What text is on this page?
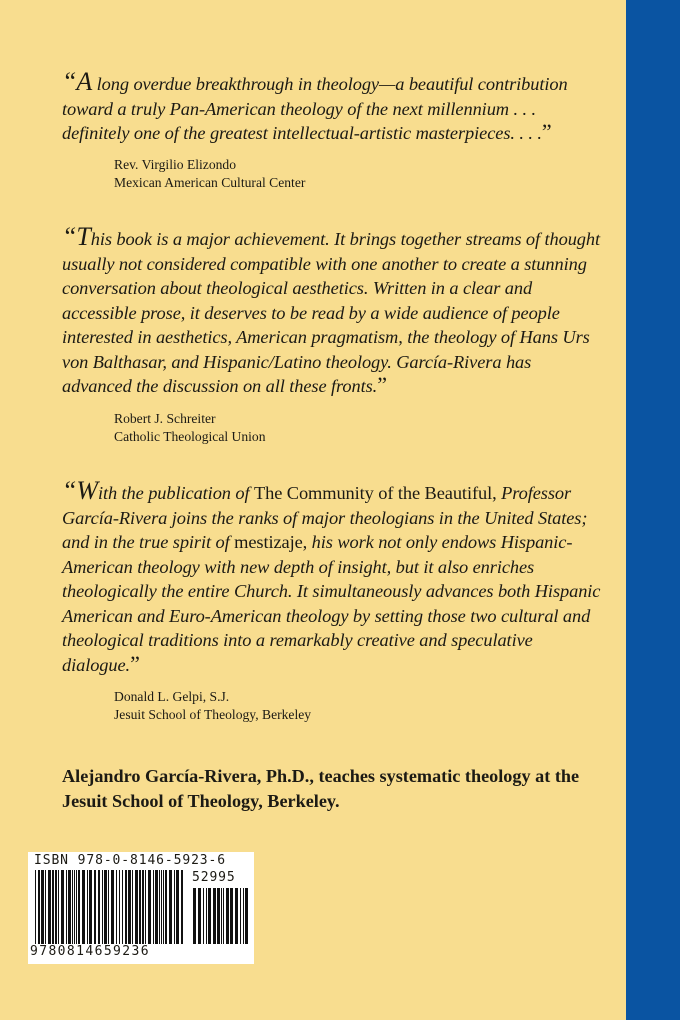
“A long overdue breakthrough in theology—a beautiful contribution toward a truly Pan-American theology of the next millennium . . . definitely one of the greatest intellectual-artistic masterpieces. . . .”

Rev. Virgilio Elizondo
Mexican American Cultural Center

“This book is a major achievement. It brings together streams of thought usually not considered compatible with one another to create a stunning conversation about theological aesthetics. Written in a clear and accessible prose, it deserves to be read by a wide audience of people interested in aesthetics, American pragmatism, the theology of Hans Urs von Balthasar, and Hispanic/Latino theology. García-Rivera has advanced the discussion on all these fronts.”

Robert J. Schreiter
Catholic Theological Union

“With the publication of The Community of the Beautiful, Professor García-Rivera joins the ranks of major theologians in the United States; and in the true spirit of mestizaje, his work not only endows Hispanic-American theology with new depth of insight, but it also enriches theologically the entire Church. It simultaneously advances both Hispanic American and Euro-American theology by setting those two cultural and theological traditions into a remarkably creative and speculative dialogue.”

Donald L. Gelpi, S.J.
Jesuit School of Theology, Berkeley
Alejandro García-Rivera, Ph.D., teaches systematic theology at the Jesuit School of Theology, Berkeley.
ISBN 978-0-8146-5923-6
52995
9780814659236
